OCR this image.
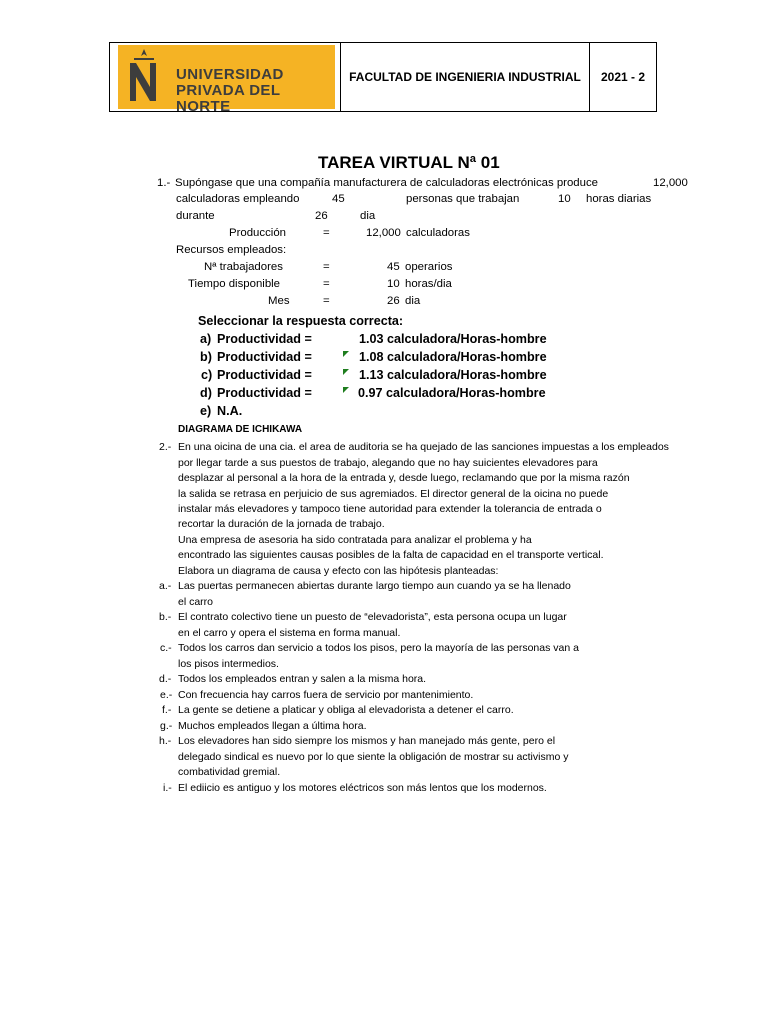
UNIVERSIDAD
PRIVADA DEL NORTE
FACULTAD DE INGENIERIA INDUSTRIAL	2021 - 2
TAREA VIRTUAL Nª 01
1.- Supóngase que una compañía manufacturera de calculadoras electrónicas produce	12,000
calculadoras empleando	45	personas que trabajan	10 horas diarias
durante	26	dia
Producción	=	12,000 calculadoras
Recursos empleados:
Nª trabajadores	=	45 operarios
Tiempo disponible	=	10 horas/dia
Mes	=	26 dia
Seleccionar la respuesta correcta:
a) Productividad =	1.03 calculadora/Horas-hombre
b) Productividad =	1.08 calculadora/Horas-hombre
c) Productividad =	1.13 calculadora/Horas-hombre
d) Productividad =	0.97 calculadora/Horas-hombre
e) N.A.
DIAGRAMA DE ICHIKAWA
2.- En una oicina de una cia. el area de auditoria se ha quejado de las sanciones impuestas a los empleados
por llegar tarde a sus puestos de trabajo, alegando que no hay suicientes elevadores para
desplazar al personal a la hora de la entrada y, desde luego, reclamando que por la misma razón
la salida se retrasa en perjuicio de sus agremiados. El director general de la oicina no puede
instalar más elevadores y tampoco tiene autoridad para extender la tolerancia de entrada o
recortar la duración de la jornada de trabajo.
Una empresa de asesoria ha sido contratada para analizar el problema y ha
encontrado las siguientes causas posibles de la falta de capacidad en el transporte vertical.
Elabora un diagrama de causa y efecto con las hipótesis planteadas:
a.- Las puertas permanecen abiertas durante largo tiempo aun cuando ya se ha llenado
el carro
b.- El contrato colectivo tiene un puesto de “elevadorista”, esta persona ocupa un lugar
en el carro y opera el sistema en forma manual.
c.- Todos los carros dan servicio a todos los pisos, pero la mayoría de las personas van a
los pisos intermedios.
d.- Todos los empleados entran y salen a la misma hora.
e.- Con frecuencia hay carros fuera de servicio por mantenimiento.
f.- La gente se detiene a platicar y obliga al elevadorista a detener el carro.
g.- Muchos empleados llegan a última hora.
h.- Los elevadores han sido siempre los mismos y han manejado más gente, pero el
delegado sindical es nuevo por lo que siente la obligación de mostrar su activismo y
combatividad gremial.
i.- El ediicio es antiguo y los motores eléctricos son más lentos que los modernos.
